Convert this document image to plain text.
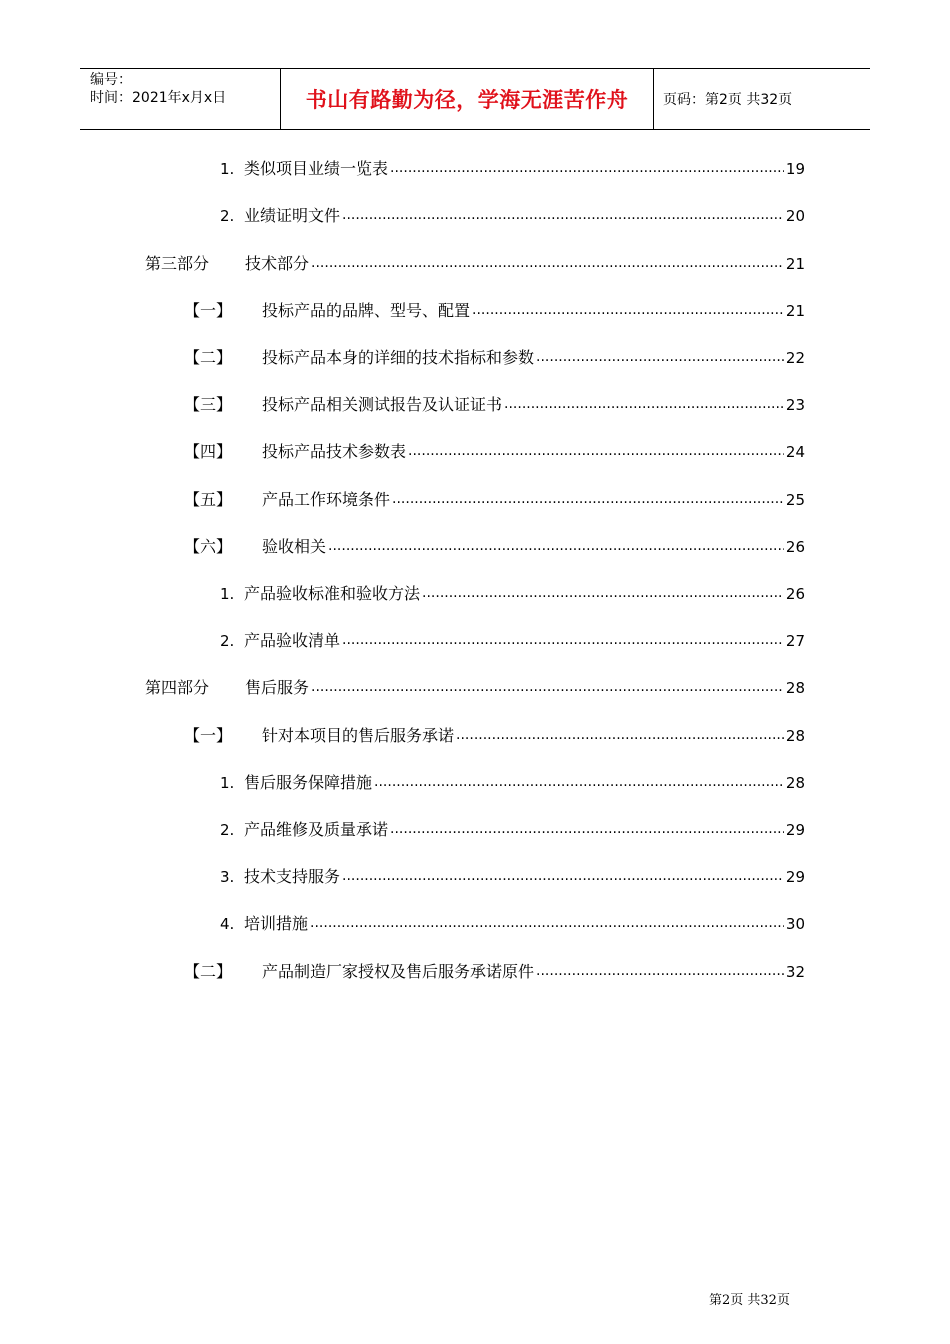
编号：
时间：2021年x月x日	书山有路勤为径，学海无涯苦作舟	页码：第2页 共32页
1. 类似项目业绩一览表 .....	19
2. 业绩证明文件 .....	20
第三部分	技术部分 .....	21
【一】	投标产品的品牌、型号、配置 .....	21
【二】	投标产品本身的详细的技术指标和参数 .....	22
【三】	投标产品相关测试报告及认证证书 .....	23
【四】	投标产品技术参数表 .....	24
【五】	产品工作环境条件 .....	25
【六】	验收相关 .....	26
1. 产品验收标准和验收方法 .....	26
2. 产品验收清单 .....	27
第四部分	售后服务 .....	28
【一】	针对本项目的售后服务承诺 .....	28
1. 售后服务保障措施 .....	28
2. 产品维修及质量承诺 .....	29
3. 技术支持服务 .....	29
4. 培训措施 .....	30
【二】	产品制造厂家授权及售后服务承诺原件 .....	32
第2页 共32页
